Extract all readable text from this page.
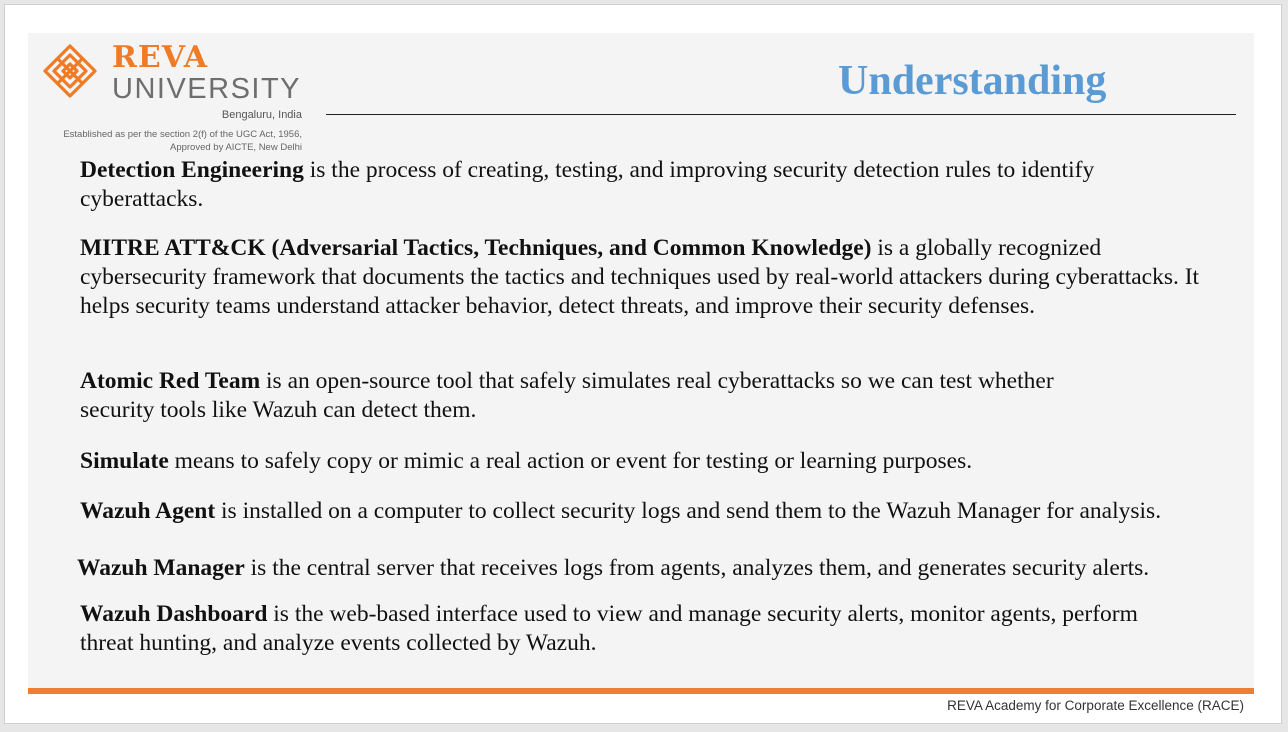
REVA
UNIVERSITY
Bengaluru, India
Established as per the section 2(f) of the UGC Act, 1956,
Approved by AICTE, New Delhi
Understanding
Detection Engineering is the process of creating, testing, and improving security detection rules to identify cyberattacks.
MITRE ATT&CK (Adversarial Tactics, Techniques, and Common Knowledge) is a globally recognized cybersecurity framework that documents the tactics and techniques used by real-world attackers during cyberattacks. It helps security teams understand attacker behavior, detect threats, and improve their security defenses.
Atomic Red Team is an open-source tool that safely simulates real cyberattacks so we can test whether security tools like Wazuh can detect them.
Simulate means to safely copy or mimic a real action or event for testing or learning purposes.
Wazuh Agent is installed on a computer to collect security logs and send them to the Wazuh Manager for analysis.
Wazuh Manager is the central server that receives logs from agents, analyzes them, and generates security alerts.
Wazuh Dashboard is the web-based interface used to view and manage security alerts, monitor agents, perform threat hunting, and analyze events collected by Wazuh.
REVA Academy for Corporate Excellence (RACE)
